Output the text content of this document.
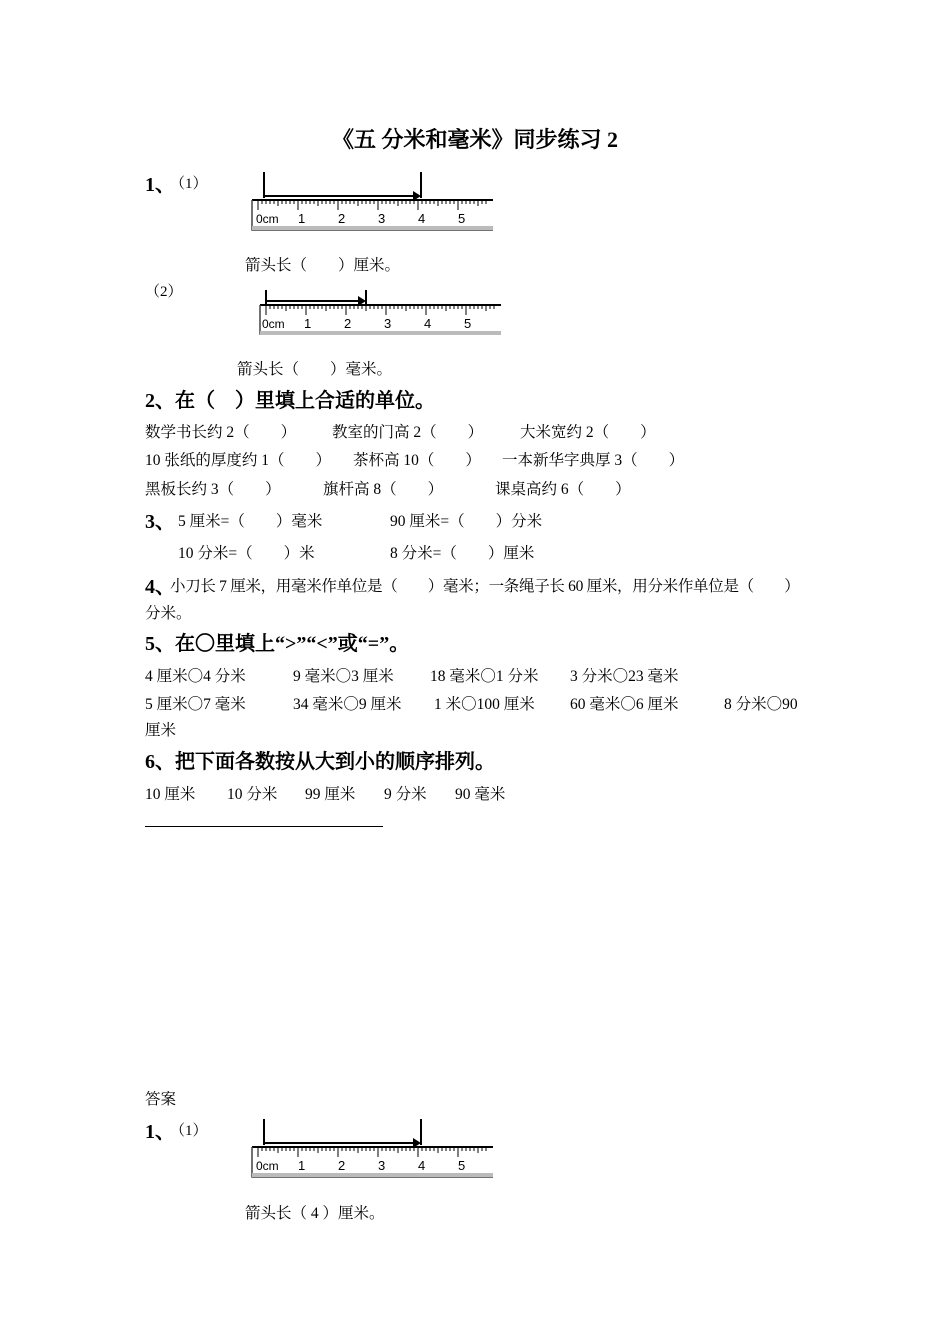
《五 分米和毫米》同步练习 2
1、
（1）
0cm 1	2	3	4	5
箭头长（　　）厘米。
（2）
0cm 1	2	3	4	5
箭头长（　　）毫米。
2、在（　）里填上合适的单位。
数学书长约 2（　　） 教室的门高 2（　　） 大米宽约 2（　　）
10 张纸的厚度约 1（　　） 茶杯高 10（　　） 一本新华字典厚 3（　　）
黑板长约 3（　　）	旗杆高 8（　　）	课桌高约 6（　　）
3、 5 厘米=（　　）毫米	90 厘米=（　　）分米
10 分米=（　　）米	8 分米=（　　）厘米
4、
小刀长 7 厘米，用毫米作单位是（　　）毫米；一条绳子长 60 厘米，用分米作单位是（　　）
分米。
5、在〇里填上“>”“<”或“=”。
4 厘米〇4 分米	9 毫米〇3 厘米 18 毫米〇1 分米 3 分米〇23 毫米
5 厘米〇7 毫米	34 毫米〇9 厘米 1 米〇100 厘米 60 毫米〇6 厘米	8 分米〇90
厘米
6、把下面各数按从大到小的顺序排列。
10 厘米 10 分米 99 厘米 9 分米 90 毫米
答案
1、
（1）
0cm 1	2	3	4	5
箭头长（ 4 ）厘米。
